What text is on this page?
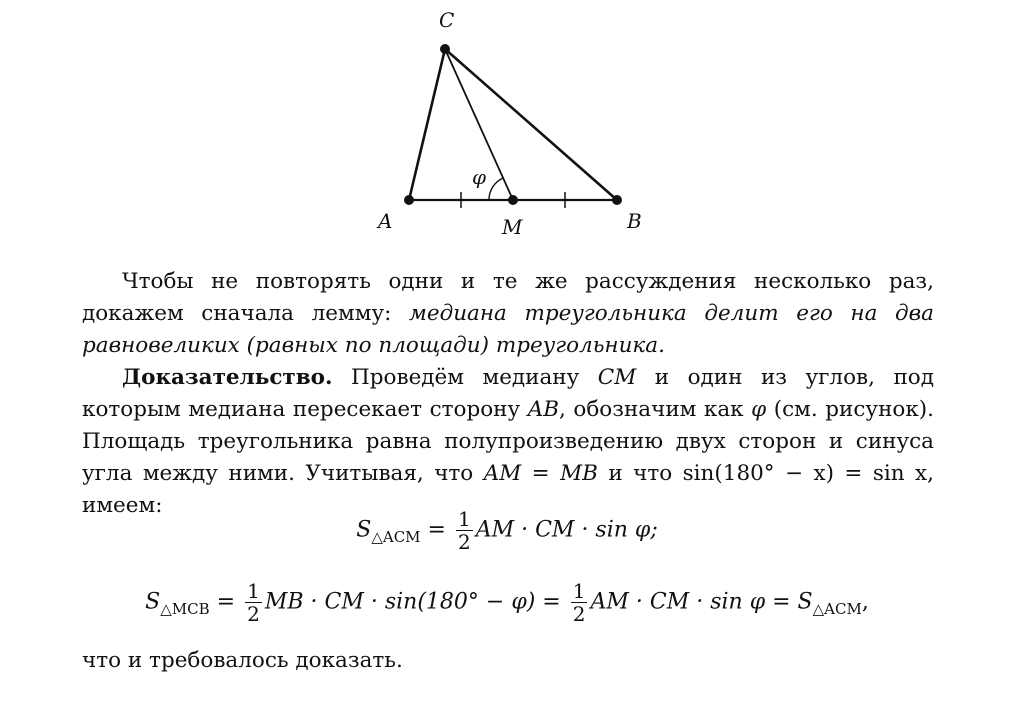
C
A	M	B
φ

Чтобы не повторять одни и те же рассуждения несколько раз, докажем сначала лемму: медиана треугольника делит его на два равновеликих (равных по площади) треугольника.

Доказательство. Проведём медиану CM и один из углов, под которым медиана пересекает сторону AB, обозначим как φ (см. рисунок). Площадь треугольника равна полупроизведению двух сторон и синуса угла между ними. Учитывая, что AM = MB и что sin(180° − x) = sin x, имеем:

$S_{\triangle ACM} = \frac{1}{2}$ AM · CM · sin φ;
$S_{\triangle MCB} = \frac{1}{2}$ MB · CM · $\sin(180^\circ - \varphi) = \frac{1}{2}$ AM · CM · $\sin \varphi = S_{\triangle ACM}$,
что и требовалось доказать.
